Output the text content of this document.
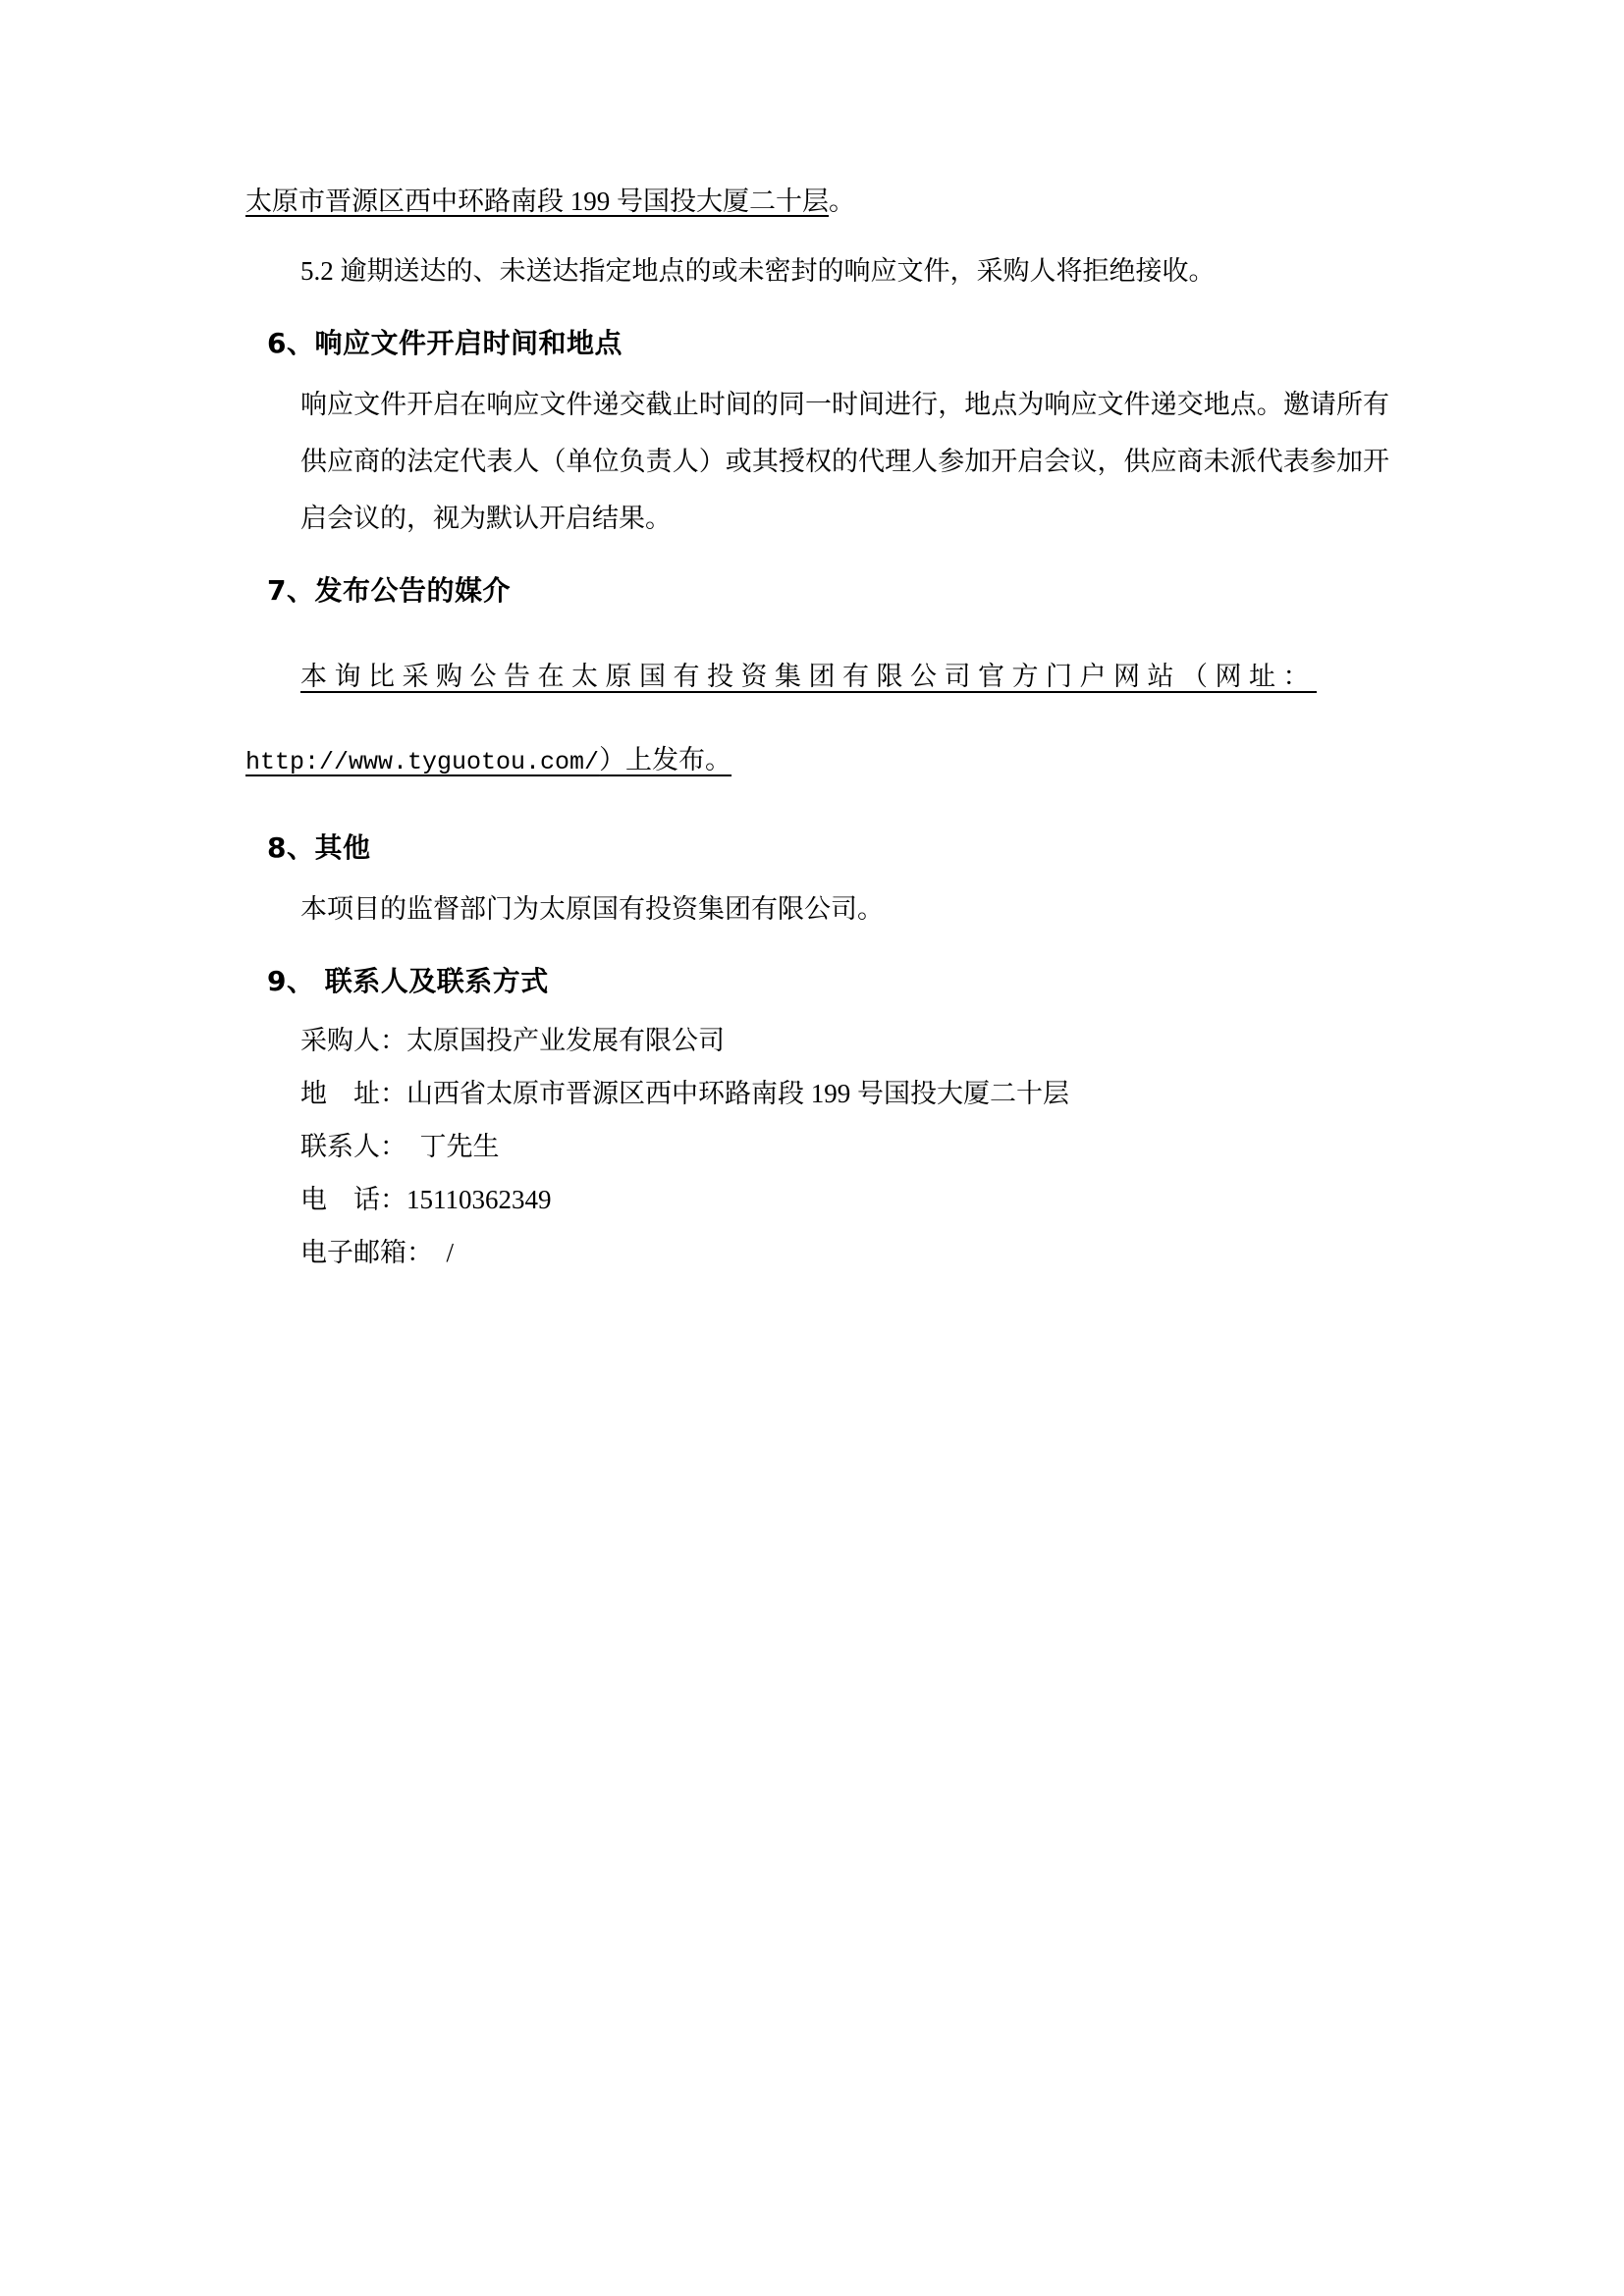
太原市晋源区西中环路南段 199 号国投大厦二十层。

5.2 逾期送达的、未送达指定地点的或未密封的响应文件，采购人将拒绝接收。

6、响应文件开启时间和地点

响应文件开启在响应文件递交截止时间的同一时间进行，地点为响应文件递交地点。邀请所有供应商的法定代表人（单位负责人）或其授权的代理人参加开启会议，供应商未派代表参加开启会议的，视为默认开启结果。

7、发布公告的媒介

本询比采购公告在太原国有投资集团有限公司官方门户网站（网址：

http://www.tyguotou.com/）上发布。

8、其他

本项目的监督部门为太原国有投资集团有限公司。

9、 联系人及联系方式
采购人：太原国投产业发展有限公司
地    址：山西省太原市晋源区西中环路南段 199 号国投大厦二十层
联系人：  丁先生
电    话：15110362349
电子邮箱：  /
